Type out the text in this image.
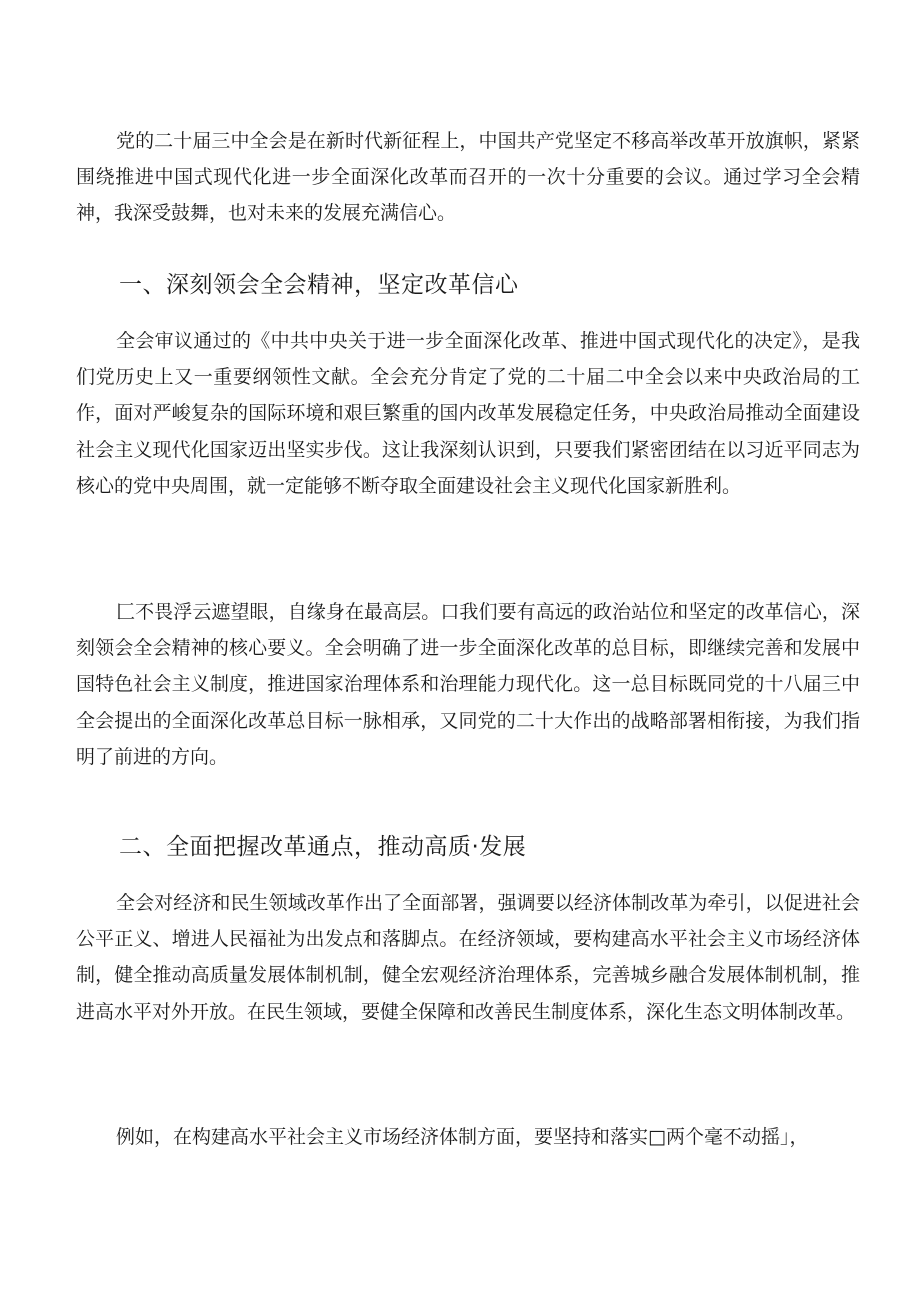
党的二十届三中全会是在新时代新征程上，中国共产党坚定不移高举改革开放旗帜，紧紧围绕推进中国式现代化进一步全面深化改革而召开的一次十分重要的会议。通过学习全会精神，我深受鼓舞，也对未来的发展充满信心。

一、深刻领会全会精神，坚定改革信心

全会审议通过的《中共中央关于进一步全面深化改革、推进中国式现代化的决定》，是我们党历史上又一重要纲领性文献。全会充分肯定了党的二十届二中全会以来中央政治局的工作，面对严峻复杂的国际环境和艰巨繁重的国内改革发展稳定任务，中央政治局推动全面建设社会主义现代化国家迈出坚实步伐。这让我深刻认识到，只要我们紧密团结在以习近平同志为核心的党中央周围，就一定能够不断夺取全面建设社会主义现代化国家新胜利。

匚不畏浮云遮望眼，自缘身在最高层。口我们要有高远的政治站位和坚定的改革信心，深刻领会全会精神的核心要义。全会明确了进一步全面深化改革的总目标，即继续完善和发展中国特色社会主义制度，推进国家治理体系和治理能力现代化。这一总目标既同党的十八届三中全会提出的全面深化改革总目标一脉相承，又同党的二十大作出的战略部署相衔接，为我们指明了前进的方向。

二、全面把握改革通点，推动高质·发展

全会对经济和民生领域改革作出了全面部署，强调要以经济体制改革为牵引，以促进社会公平正义、增进人民福祉为出发点和落脚点。在经济领域，要构建高水平社会主义市场经济体制，健全推动高质量发展体制机制，健全宏观经济治理体系，完善城乡融合发展体制机制，推进高水平对外开放。在民生领域，要健全保障和改善民生制度体系，深化生态文明体制改革。

例如，在构建高水平社会主义市场经济体制方面，要坚持和落实□两个毫不动摇」，
